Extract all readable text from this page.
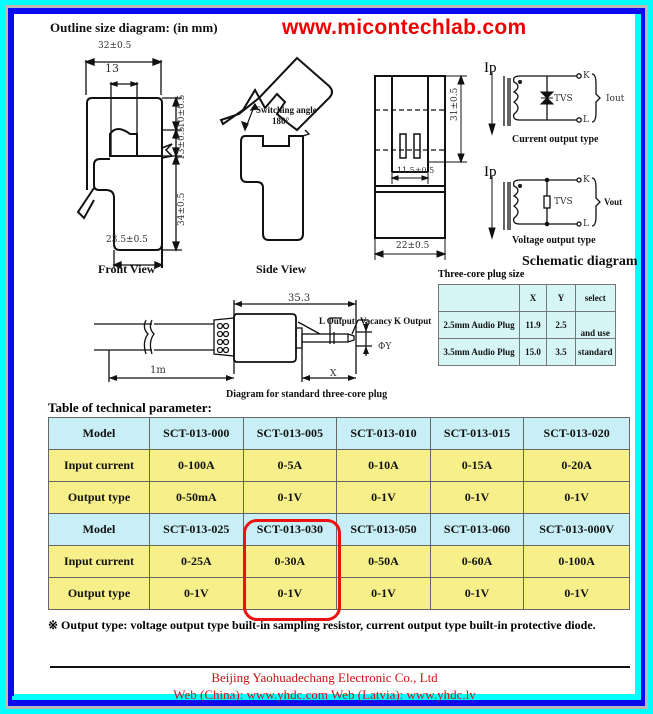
Outline size diagram: (in mm)	www.micontechlab.com
32±0.5
13
10±0.5
13±0.5
34±0.5
23.5±0.5
Front View
Switching angle
180°
Side View
31±0.5
11.5±0.5
22±0.5
Ip
TVS
K
L
Iout
Current output type
Ip
TVS
K
L
Vout
Voltage output type
Schematic diagram
35.3
1m
L Output Vacancy K Output
X
ΦY
Diagram for standard three-core plug
Three-core plug size
	X	Y	select
2.5mm Audio Plug	11.9	2.5	and use
3.5mm Audio Plug	15.0	3.5	standard
Table of technical parameter:
Model	SCT-013-000	SCT-013-005	SCT-013-010	SCT-013-015	SCT-013-020
Input current	0-100A	0-5A	0-10A	0-15A	0-20A
Output type	0-50mA	0-1V	0-1V	0-1V	0-1V
Model	SCT-013-025	SCT-013-030	SCT-013-050	SCT-013-060	SCT-013-000V
Input current	0-25A	0-30A	0-50A	0-60A	0-100A
Output type	0-1V	0-1V	0-1V	0-1V	0-1V
※ Output type: voltage output type built-in sampling resistor, current output type built-in protective diode.
Beijing Yaohuadechang Electronic Co., Ltd
Web (China): www.yhdc.com Web (Latvia): www.yhdc.lv
